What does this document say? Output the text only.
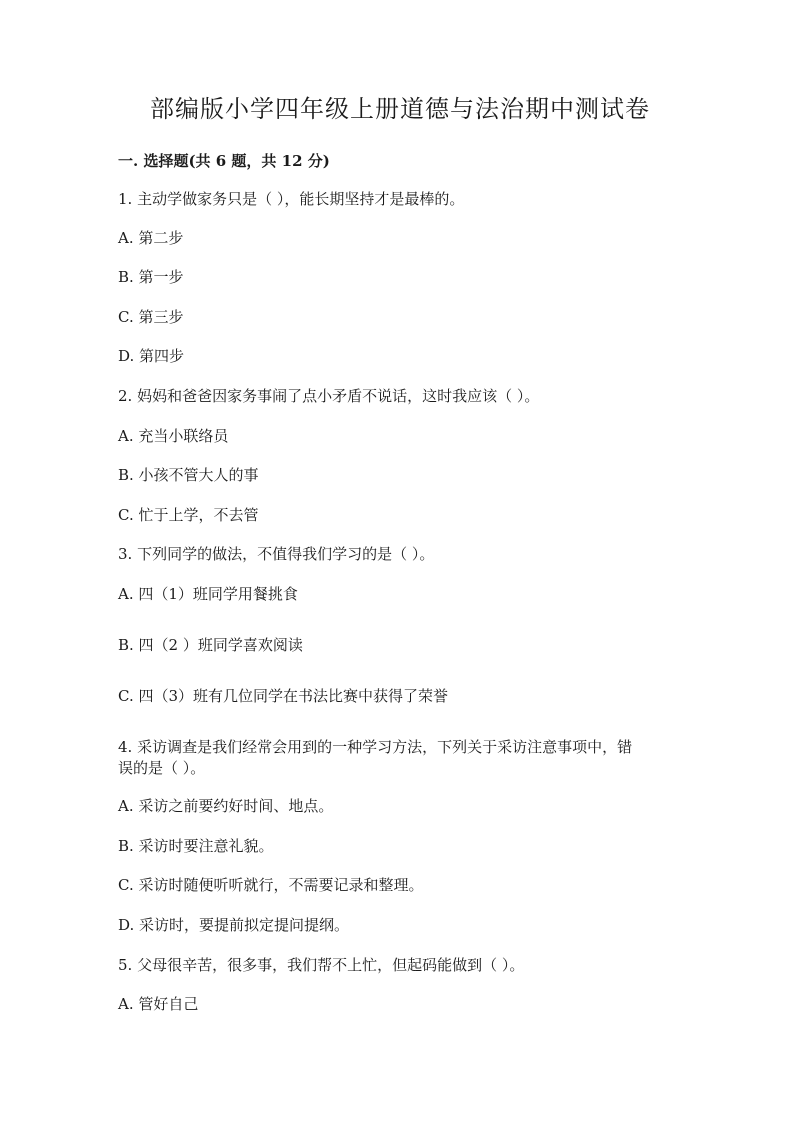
部编版小学四年级上册道德与法治期中测试卷
一. 选择题(共 6 题，共 12 分)
1. 主动学做家务只是（ ），能长期坚持才是最棒的。
A. 第二步
B. 第一步
C. 第三步
D. 第四步
2. 妈妈和爸爸因家务事闹了点小矛盾不说话，这时我应该（ ）。
A. 充当小联络员
B. 小孩不管大人的事
C. 忙于上学，不去管
3. 下列同学的做法，不值得我们学习的是（ ）。
A. 四（1）班同学用餐挑食
B. 四（2 ）班同学喜欢阅读
C. 四（3）班有几位同学在书法比赛中获得了荣誉
4. 采访调查是我们经常会用到的一种学习方法，下列关于采访注意事项中，错
误的是（ ）。
A. 采访之前要约好时间、地点。
B. 采访时要注意礼貌。
C. 采访时随便听听就行，不需要记录和整理。
D. 采访时，要提前拟定提问提纲。
5. 父母很辛苦，很多事，我们帮不上忙，但起码能做到（ ）。
A. 管好自己
